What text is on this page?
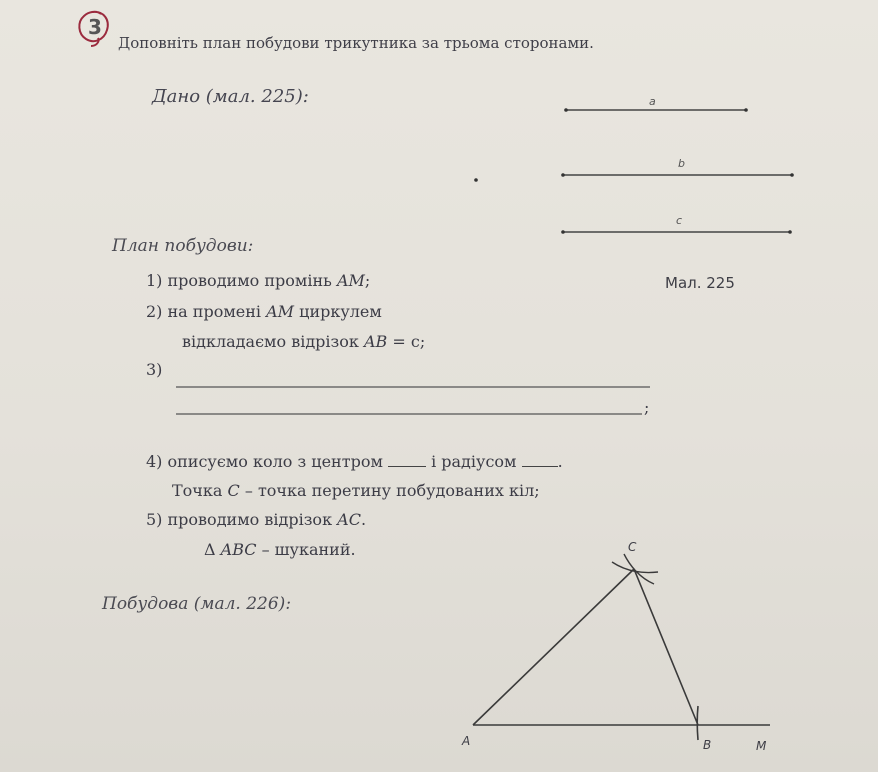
3
Доповніть план побудови трикутника за трьома сторонами.
Дано (мал. 225):	a
b
c
Мал. 225
План побудови:
1) проводимо промінь AM;
2) на промені AM циркулем
відкладаємо відрізок AB = с;
3)
;
4) описуємо коло з центром  і радіусом .
Точка C – точка перетину побудованих кіл;
5) проводимо відрізок AC.
Δ ABC – шуканий.
Побудова (мал. 226):
A	B
C
M
